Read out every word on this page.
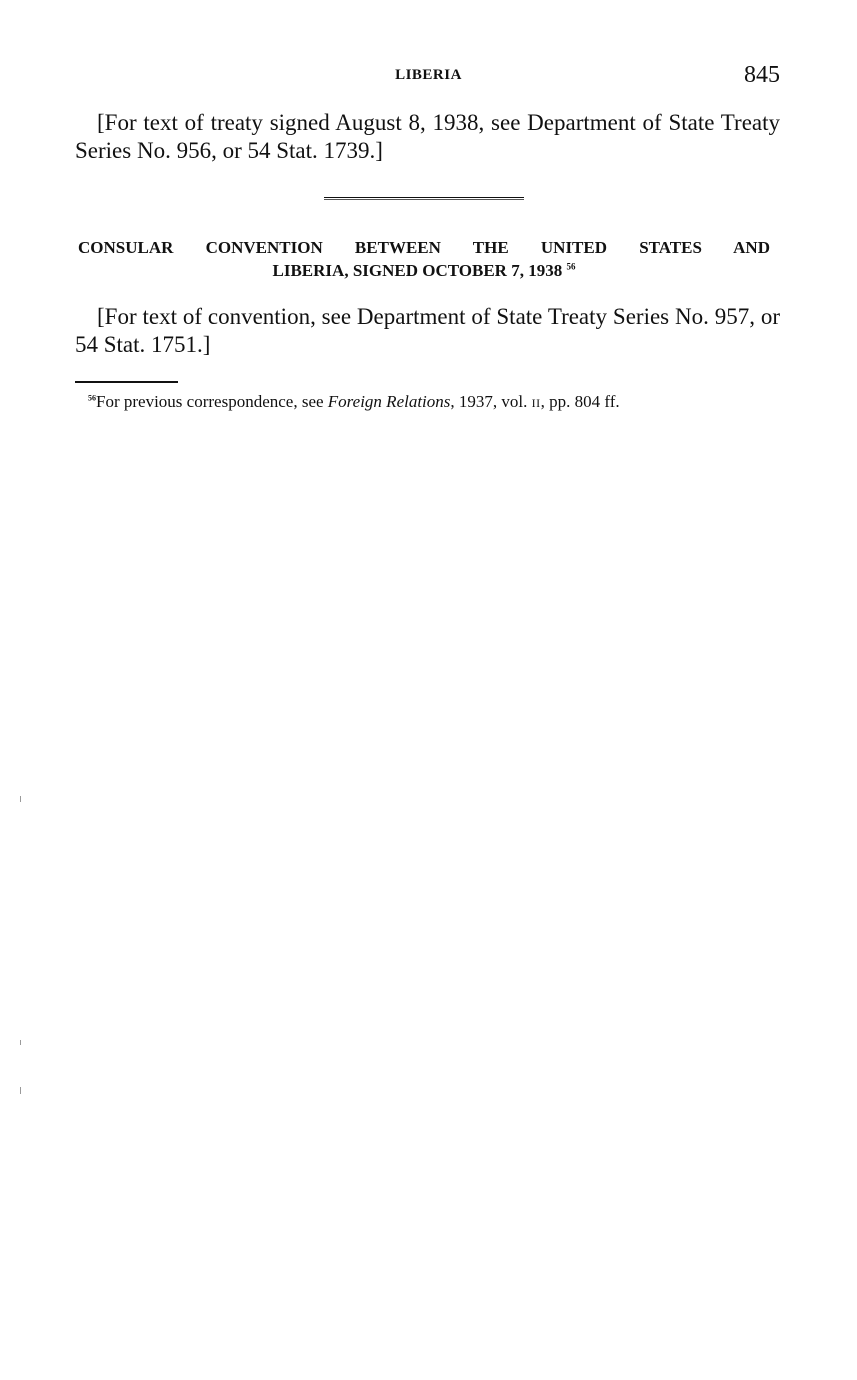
LIBERIA	845

[For text of treaty signed August 8, 1938, see Department of State Treaty Series No. 956, or 54 Stat. 1739.]

CONSULAR CONVENTION BETWEEN THE UNITED STATES AND
LIBERIA, SIGNED OCTOBER 7, 1938 $^{56}$

[For text of convention, see Department of State Treaty Series No. 957, or 54 Stat. 1751.]

$^{56}$For previous correspondence, see Foreign Relations, 1937, vol. II, pp. 804 ff.
